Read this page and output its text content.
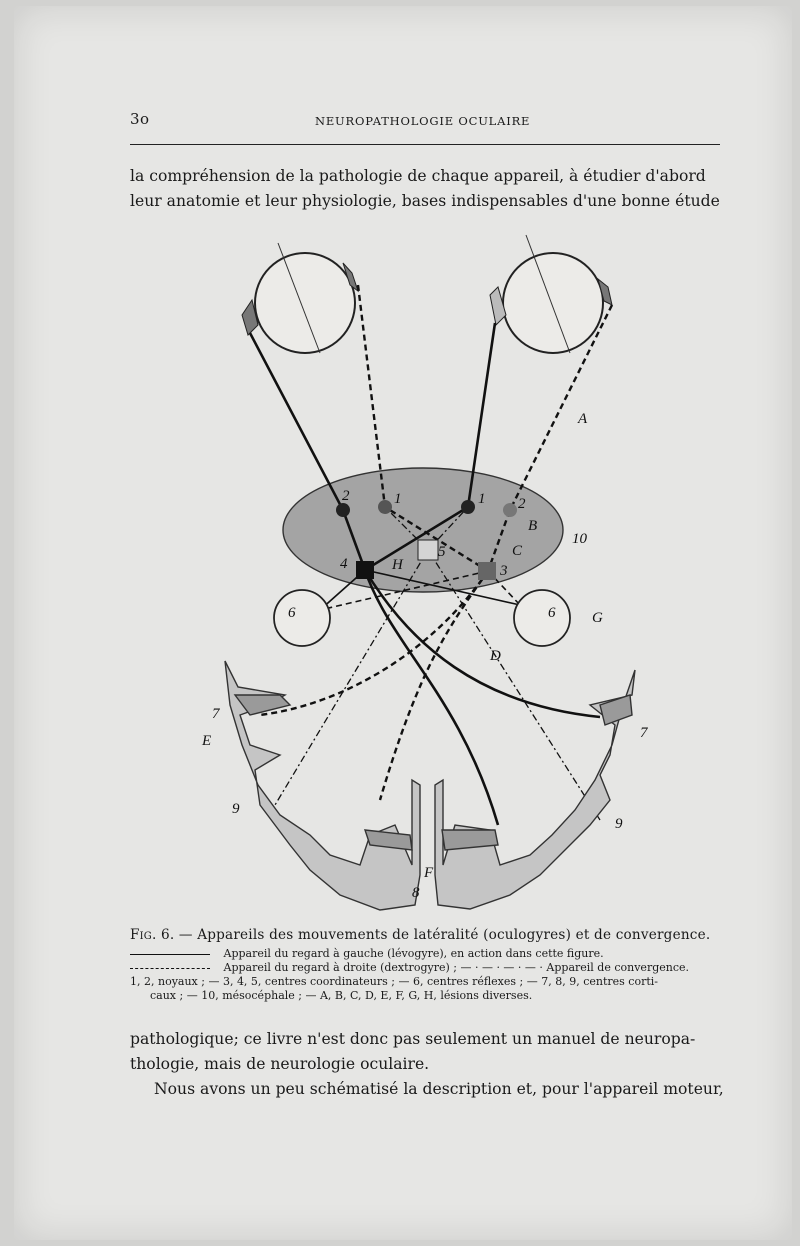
3o	NEUROPATHOLOGIE OCULAIRE
la compréhension de la pathologie de chaque appareil, à étudier d'abord
leur anatomie et leur physiologie, bases indispensables d'une bonne étude
2	1	1 2
3
4
5
6	6
7
7
8
9
9
10
A
B
C
D
E
F
G
H
Fig. 6. — Appareils des mouvements de latéralité (oculogyres) et de convergence.
Appareil du regard à gauche (lévogyre), en action dans cette figure.
Appareil du regard à droite (dextrogyre) ; — · — · — · — · Appareil de convergence.
1, 2, noyaux ; — 3, 4, 5, centres coordinateurs ; — 6, centres réflexes ; — 7, 8, 9, centres corti-
caux ; — 10, mésocéphale ; — A, B, C, D, E, F, G, H, lésions diverses.
pathologique; ce livre n'est donc pas seulement un manuel de neuropa-
thologie, mais de neurologie oculaire.
Nous avons un peu schématisé la description et, pour l'appareil moteur,
